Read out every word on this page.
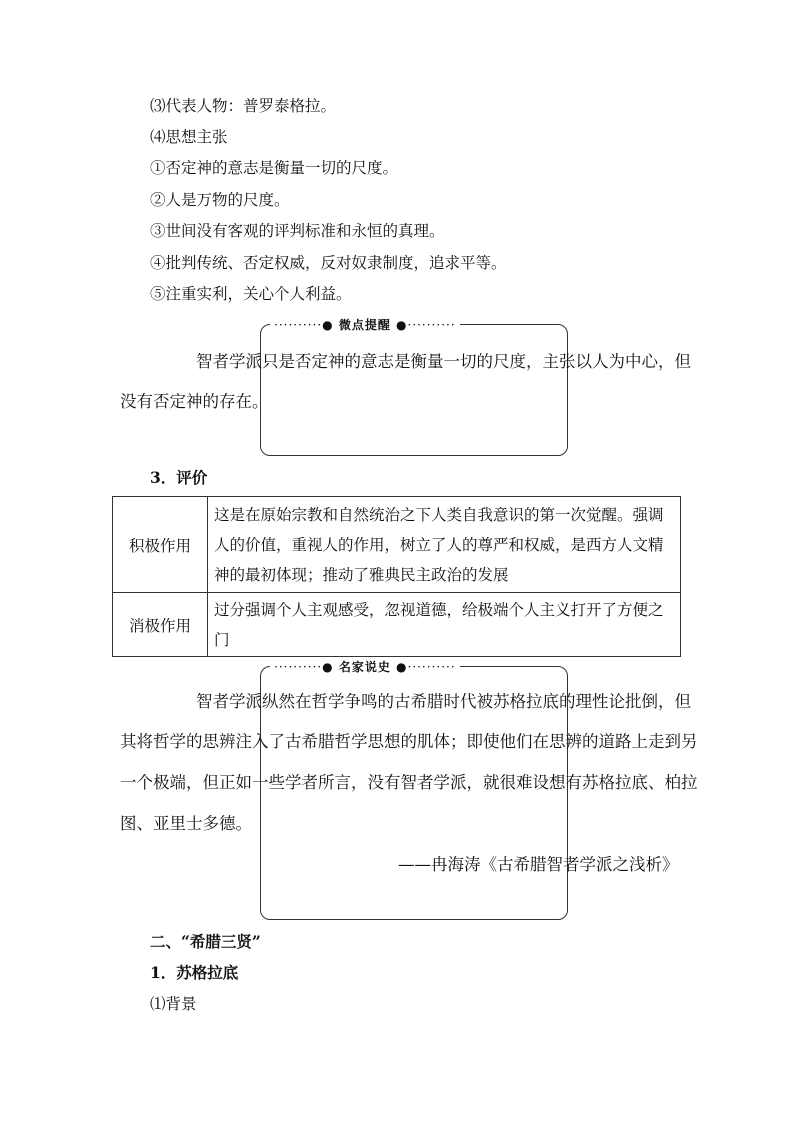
⑶代表人物：普罗泰格拉。
⑷思想主张
①否定神的意志是衡量一切的尺度。
②人是万物的尺度。
③世间没有客观的评判标准和永恒的真理。
④批判传统、否定权威，反对奴隶制度，追求平等。
⑤注重实利，关心个人利益。
··········● 微点提醒 ●··········
智者学派只是否定神的意志是衡量一切的尺度，主张以人为中心，但
没有否定神的存在。
3．评价
积极作用	这是在原始宗教和自然统治之下人类自我意识的第一次觉醒。强调
人的价值，重视人的作用，树立了人的尊严和权威，是西方人文精
神的最初体现；推动了雅典民主政治的发展

消极作用	过分强调个人主观感受，忽视道德，给极端个人主义打开了方便之
门
··········● 名家说史 ●··········
智者学派纵然在哲学争鸣的古希腊时代被苏格拉底的理性论批倒，但
其将哲学的思辨注入了古希腊哲学思想的肌体；即使他们在思辨的道路上走到另
一个极端，但正如一些学者所言，没有智者学派，就很难设想有苏格拉底、柏拉
图、亚里士多德。
——冉海涛《古希腊智者学派之浅析》
二、“希腊三贤”
1．苏格拉底
⑴背景
